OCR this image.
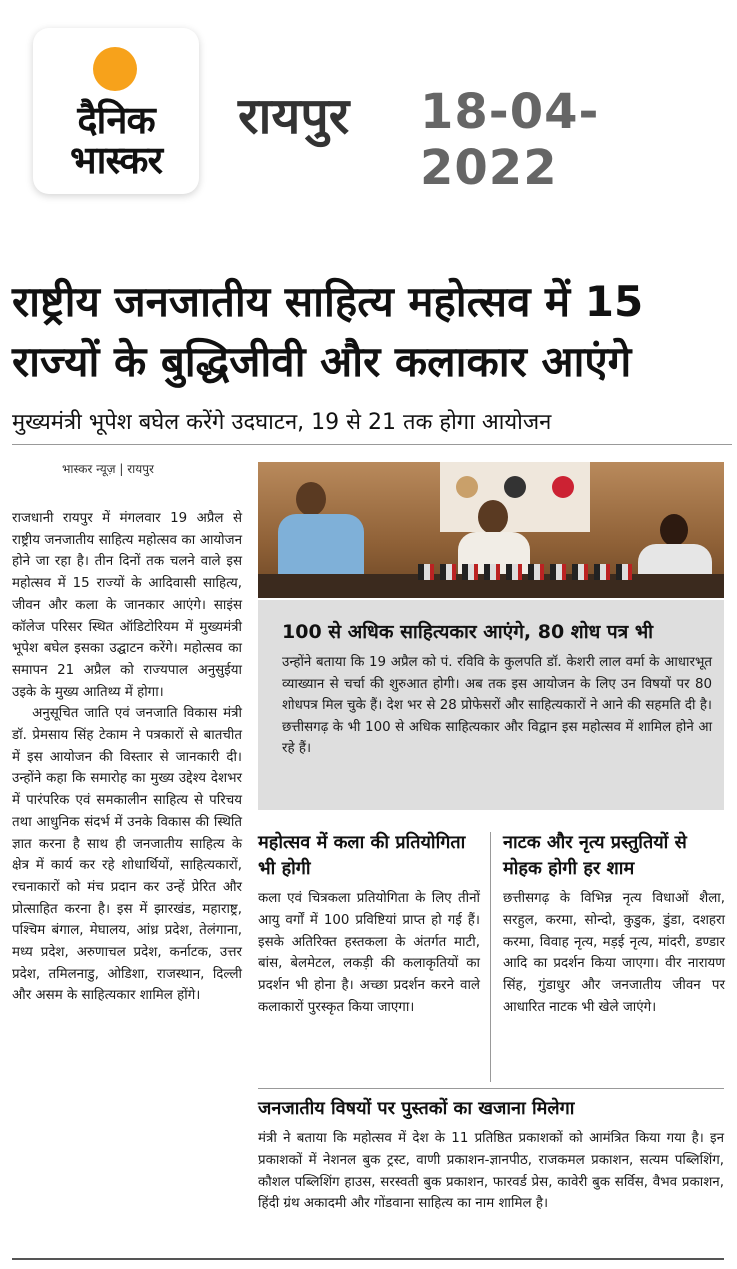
दैनिक
भास्कर
रायपुर 18-04-2022
राष्ट्रीय जनजातीय साहित्य महोत्सव में 15
राज्यों के बुद्धिजीवी और कलाकार आएंगे
मुख्यमंत्री भूपेश बघेल करेंगे उदघाटन, 19 से 21 तक होगा आयोजन
भास्कर न्यूज़ | रायपुर

राजधानी रायपुर में मंगलवार 19 अप्रैल से राष्ट्रीय जनजातीय साहित्य महोत्सव का आयोजन होने जा रहा है। तीन दिनों तक चलने वाले इस महोत्सव में 15 राज्यों के आदिवासी साहित्य, जीवन और कला के जानकार आएंगे। साइंस कॉलेज परिसर स्थित ऑडिटोरियम में मुख्यमंत्री भूपेश बघेल इसका उद्घाटन करेंगे। महोत्सव का समापन 21 अप्रैल को राज्यपाल अनुसुईया उइके के मुख्य आतिथ्य में होगा।

अनुसूचित जाति एवं जनजाति विकास मंत्री डॉ. प्रेमसाय सिंह टेकाम ने पत्रकारों से बातचीत में इस आयोजन की विस्तार से जानकारी दी। उन्होंने कहा कि समारोह का मुख्य उद्देश्य देशभर में पारंपरिक एवं समकालीन साहित्य से परिचय तथा आधुनिक संदर्भ में उनके विकास की स्थिति ज्ञात करना है साथ ही जनजातीय साहित्य के क्षेत्र में कार्य कर रहे शोधार्थियों, साहित्यकारों, रचनाकारों को मंच प्रदान कर उन्हें प्रेरित और प्रोत्साहित करना है। इस में झारखंड, महाराष्ट्र, पश्चिम बंगाल, मेघालय, आंध्र प्रदेश, तेलंगाना, मध्य प्रदेश, अरुणाचल प्रदेश, कर्नाटक, उत्तर प्रदेश, तमिलनाडु, ओडिशा, राजस्थान, दिल्ली और असम के साहित्यकार शामिल होंगे।

100 से अधिक साहित्यकार आएंगे, 80 शोध पत्र भी
उन्होंने बताया कि 19 अप्रैल को पं. रविवि के कुलपति डॉ. केशरी लाल वर्मा के आधारभूत व्याख्यान से चर्चा की शुरुआत होगी। अब तक इस आयोजन के लिए उन विषयों पर 80 शोधपत्र मिल चुके हैं। देश भर से 28 प्रोफेसरों और साहित्यकारों ने आने की सहमति दी है। छत्तीसगढ़ के भी 100 से अधिक साहित्यकार और विद्वान इस महोत्सव में शामिल होने आ रहे हैं।
महोत्सव में कला की प्रतियोगिता भी होगी
कला एवं चित्रकला प्रतियोगिता के लिए तीनों आयु वर्गों में 100 प्रविष्टियां प्राप्त हो गई हैं। इसके अतिरिक्त हस्तकला के अंतर्गत माटी, बांस, बेलमेटल, लकड़ी की कलाकृतियों का प्रदर्शन भी होना है। अच्छा प्रदर्शन करने वाले कलाकारों पुरस्कृत किया जाएगा।
नाटक और नृत्य प्रस्तुतियों से मोहक होगी हर शाम
छत्तीसगढ़ के विभिन्न नृत्य विधाओं शैला, सरहुल, करमा, सोन्दो, कुडुक, डुंडा, दशहरा करमा, विवाह नृत्य, मड़ई नृत्य, मांदरी, डण्डार आदि का प्रदर्शन किया जाएगा। वीर नारायण सिंह, गुंडाधुर और जनजातीय जीवन पर आधारित नाटक भी खेले जाएंगे।
जनजातीय विषयों पर पुस्तकों का खजाना मिलेगा
मंत्री ने बताया कि महोत्सव में देश के 11 प्रतिष्ठित प्रकाशकों को आमंत्रित किया गया है। इन प्रकाशकों में नेशनल बुक ट्रस्ट, वाणी प्रकाशन-ज्ञानपीठ, राजकमल प्रकाशन, सत्यम पब्लिशिंग, कौशल पब्लिशिंग हाउस, सरस्वती बुक प्रकाशन, फारवर्ड प्रेस, कावेरी बुक सर्विस, वैभव प्रकाशन, हिंदी ग्रंथ अकादमी और गोंडवाना साहित्य का नाम शामिल है।
